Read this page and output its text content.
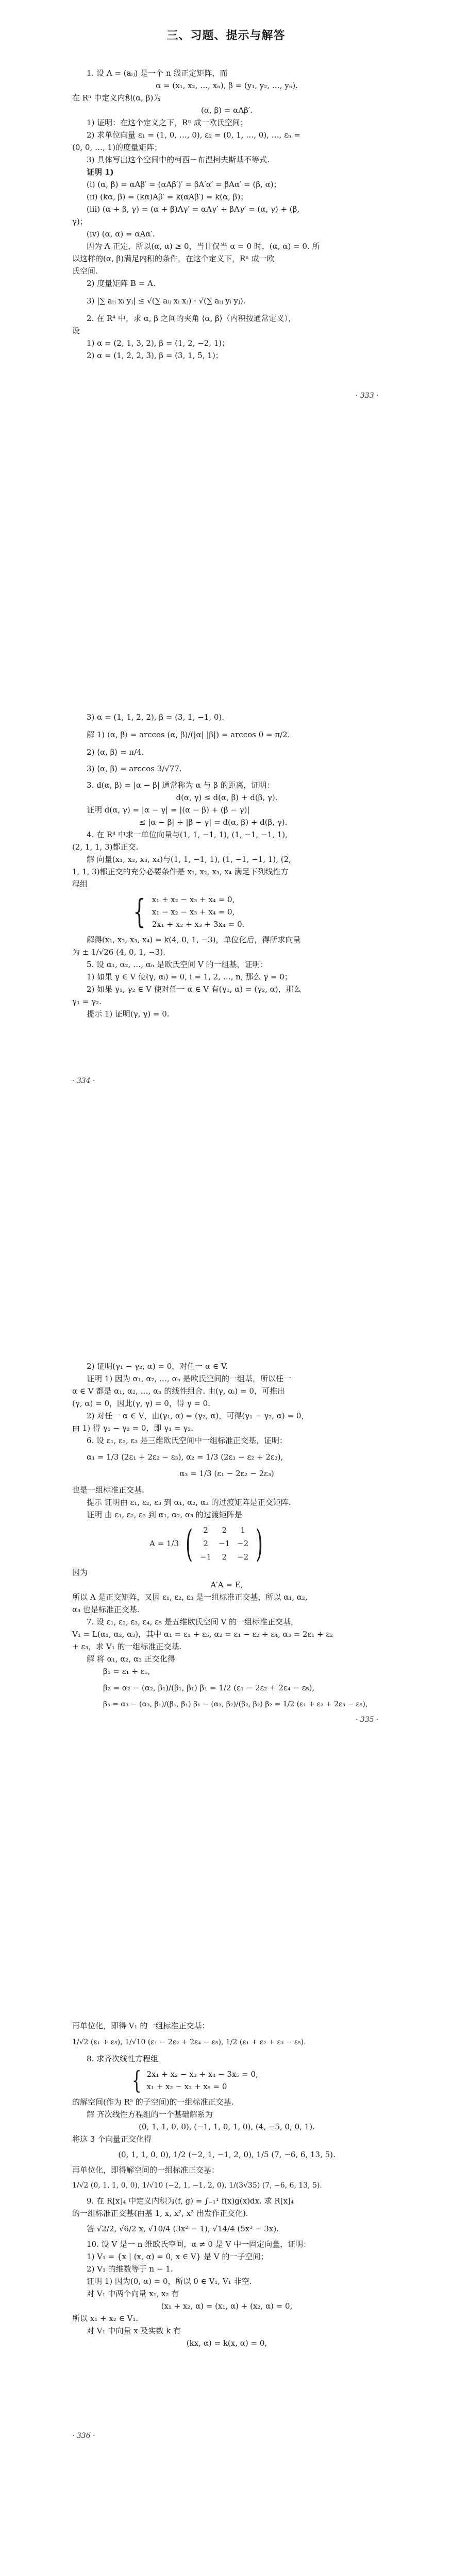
三、习题、提示与解答
1. 设 A = (aᵢⱼ) 是一个 n 级正定矩阵，而
α = (x₁, x₂, …, xₙ), β = (y₁, y₂, …, yₙ).
在 Rⁿ 中定义内积(α, β)为
(α, β) = αAβ′.
1) 证明：在这个定义之下，Rⁿ 成一欧氏空间；
2) 求单位向量 ε₁ = (1, 0, …, 0), ε₂ = (0, 1, …, 0), …, εₙ =
(0, 0, …, 1)的度量矩阵；
3) 具体写出这个空间中的柯西－布涅柯夫斯基不等式.
证明 1)
(i) (α, β) = αAβ′ = (αAβ′)′ = βA′α′ = βAα′ = (β, α)；
(ii) (kα, β) = (kα)Aβ′ = k(αAβ′) = k(α, β)；
(iii) (α + β, γ) = (α + β)Aγ′ = αAγ′ + βAγ′ = (α, γ) + (β,
γ)；
(iv) (α, α) = αAα′.
因为 A 正定，所以(α, α) ≥ 0，当且仅当 α = 0 时，(α, α) = 0. 所
以这样的(α, β)满足内积的条件，在这个定义下，Rⁿ 成一欧
氏空间.
2) 度量矩阵 B = A.
3) |∑ aᵢⱼ xᵢ yⱼ| ≤ √(∑ aᵢⱼ xᵢ xⱼ) · √(∑ aᵢⱼ yᵢ yⱼ).
2. 在 R⁴ 中，求 α, β 之间的夹角 ⟨α, β⟩（内积按通常定义），
设
1) α = (2, 1, 3, 2), β = (1, 2, −2, 1)；
2) α = (1, 2, 2, 3), β = (3, 1, 5, 1)；
· 333 ·
3) α = (1, 1, 2, 2), β = (3, 1, −1, 0).
解 1) ⟨α, β⟩ = arccos (α, β)/(|α| |β|) = arccos 0 = π/2.
2) ⟨α, β⟩ = π/4.
3) ⟨α, β⟩ = arccos 3/√77.
3. d(α, β) = |α − β| 通常称为 α 与 β 的距离，证明：
d(α, γ) ≤ d(α, β) + d(β, γ).
证明 d(α, γ) = |α − γ| = |(α − β) + (β − γ)|
≤ |α − β| + |β − γ| = d(α, β) + d(β, γ).
4. 在 R⁴ 中求一单位向量与(1, 1, −1, 1), (1, −1, −1, 1),
(2, 1, 1, 3)都正交.
解 向量(x₁, x₂, x₃, x₄)与(1, 1, −1, 1), (1, −1, −1, 1), (2,
1, 1, 3)都正交的充分必要条件是 x₁, x₂, x₃, x₄ 满足下列线性方
程组
{ x₁ + x₂ − x₃ + x₄ = 0,
x₁ − x₂ − x₃ + x₄ = 0,
2x₁ + x₂ + x₃ + 3x₄ = 0.
解得(x₁, x₂, x₃, x₄) = k(4, 0, 1, −3)，单位化后，得所求向量
为 ± 1/√26 (4, 0, 1, −3).
5. 设 α₁, α₂, …, αₙ 是欧氏空间 V 的一组基，证明：
1) 如果 γ ∈ V 使(γ, αᵢ) = 0, i = 1, 2, …, n, 那么 γ = 0；
2) 如果 γ₁, γ₂ ∈ V 使对任一 α ∈ V 有(γ₁, α) = (γ₂, α)，那么
γ₁ = γ₂.
提示 1) 证明(γ, γ) = 0.
· 334 ·
2) 证明(γ₁ − γ₂, α) = 0，对任一 α ∈ V.
证明 1) 因为 α₁, α₂, …, αₙ 是欧氏空间的一组基，所以任一
α ∈ V 都是 α₁, α₂, …, αₙ 的线性组合. 由(γ, αᵢ) = 0，可推出
(γ, α) = 0，因此(γ, γ) = 0，得 γ = 0.
2) 对任一 α ∈ V，由(γ₁, α) = (γ₂, α)，可得(γ₁ − γ₂, α) = 0，
由 1) 得 γ₁ − γ₂ = 0，即 γ₁ = γ₂.
6. 设 ε₁, ε₂, ε₃ 是三维欧氏空间中一组标准正交基，证明：
α₁ = 1/3 (2ε₁ + 2ε₂ − ε₃), α₂ = 1/3 (2ε₁ − ε₂ + 2ε₃),
α₃ = 1/3 (ε₁ − 2ε₂ − 2ε₃)
也是一组标准正交基.
提示 证明由 ε₁, ε₂, ε₃ 到 α₁, α₂, α₃ 的过渡矩阵是正交矩阵.
证明 由 ε₁, ε₂, ε₃ 到 α₁, α₂, α₃ 的过渡矩阵是
A = 1/3 (	2	2	1
2	−1 −2
−1	2	−2 )
因为
A′A = E,
所以 A 是正交矩阵，又因 ε₁, ε₂, ε₃ 是一组标准正交基，所以 α₁, α₂,
α₃ 也是标准正交基.
7. 设 ε₁, ε₂, ε₃, ε₄, ε₅ 是五维欧氏空间 V 的一组标准正交基，
V₁ = L(α₁, α₂, α₃)，其中 α₁ = ε₁ + ε₅, α₂ = ε₁ − ε₂ + ε₄, α₃ = 2ε₁ + ε₂
+ ε₃，求 V₁ 的一组标准正交基.
解 将 α₁, α₂, α₃ 正交化得
β₁ = ε₁ + ε₅,
β₂ = α₂ − (α₂, β₁)/(β₁, β₁) β₁ = 1/2 (ε₁ − 2ε₂ + 2ε₄ − ε₅),
β₃ = α₃ − (α₃, β₁)/(β₁, β₁) β₁ − (α₃, β₂)/(β₂, β₂) β₂ = 1/2 (ε₁ + ε₂ + 2ε₃ − ε₅),
· 335 ·
再单位化，即得 V₁ 的一组标准正交基：
1/√2 (ε₁ + ε₅), 1/√10 (ε₁ − 2ε₂ + 2ε₄ − ε₅), 1/2 (ε₁ + ε₂ + ε₃ − ε₅).
8. 求齐次线性方程组
{ 2x₁ + x₂ − x₃ + x₄ − 3x₅ = 0,
x₁ + x₂ − x₃ + x₅ = 0
的解空间(作为 R⁵ 的子空间)的一组标准正交基.
解 齐次线性方程组的一个基础解系为
(0, 1, 1, 0, 0), (−1, 1, 0, 1, 0), (4, −5, 0, 0, 1).
将这 3 个向量正交化得
(0, 1, 1, 0, 0), 1/2 (−2, 1, −1, 2, 0), 1/5 (7, −6, 6, 13, 5).
再单位化，即得解空间的一组标准正交基：
1/√2 (0, 1, 1, 0, 0), 1/√10 (−2, 1, −1, 2, 0), 1/(3√35) (7, −6, 6, 13, 5).
9. 在 R[x]₄ 中定义内积为(f, g) = ∫₋₁¹ f(x)g(x)dx. 求 R[x]₄
的一组标准正交基(由基 1, x, x², x³ 出发作正交化).
答 √2/2, √6/2 x, √10/4 (3x² − 1), √14/4 (5x³ − 3x).
10. 设 V 是一 n 维欧氏空间，α ≠ 0 是 V 中一固定向量，证明：
1) V₁ = {x | (x, α) = 0, x ∈ V} 是 V 的一子空间；
2) V₁ 的维数等于 n − 1.
证明 1) 因为(0, α) = 0，所以 0 ∈ V₁, V₁ 非空.
对 V₁ 中两个向量 x₁, x₂ 有
(x₁ + x₂, α) = (x₁, α) + (x₂, α) = 0,
所以 x₁ + x₂ ∈ V₁.
对 V₁ 中向量 x 及实数 k 有
(kx, α) = k(x, α) = 0,
· 336 ·
